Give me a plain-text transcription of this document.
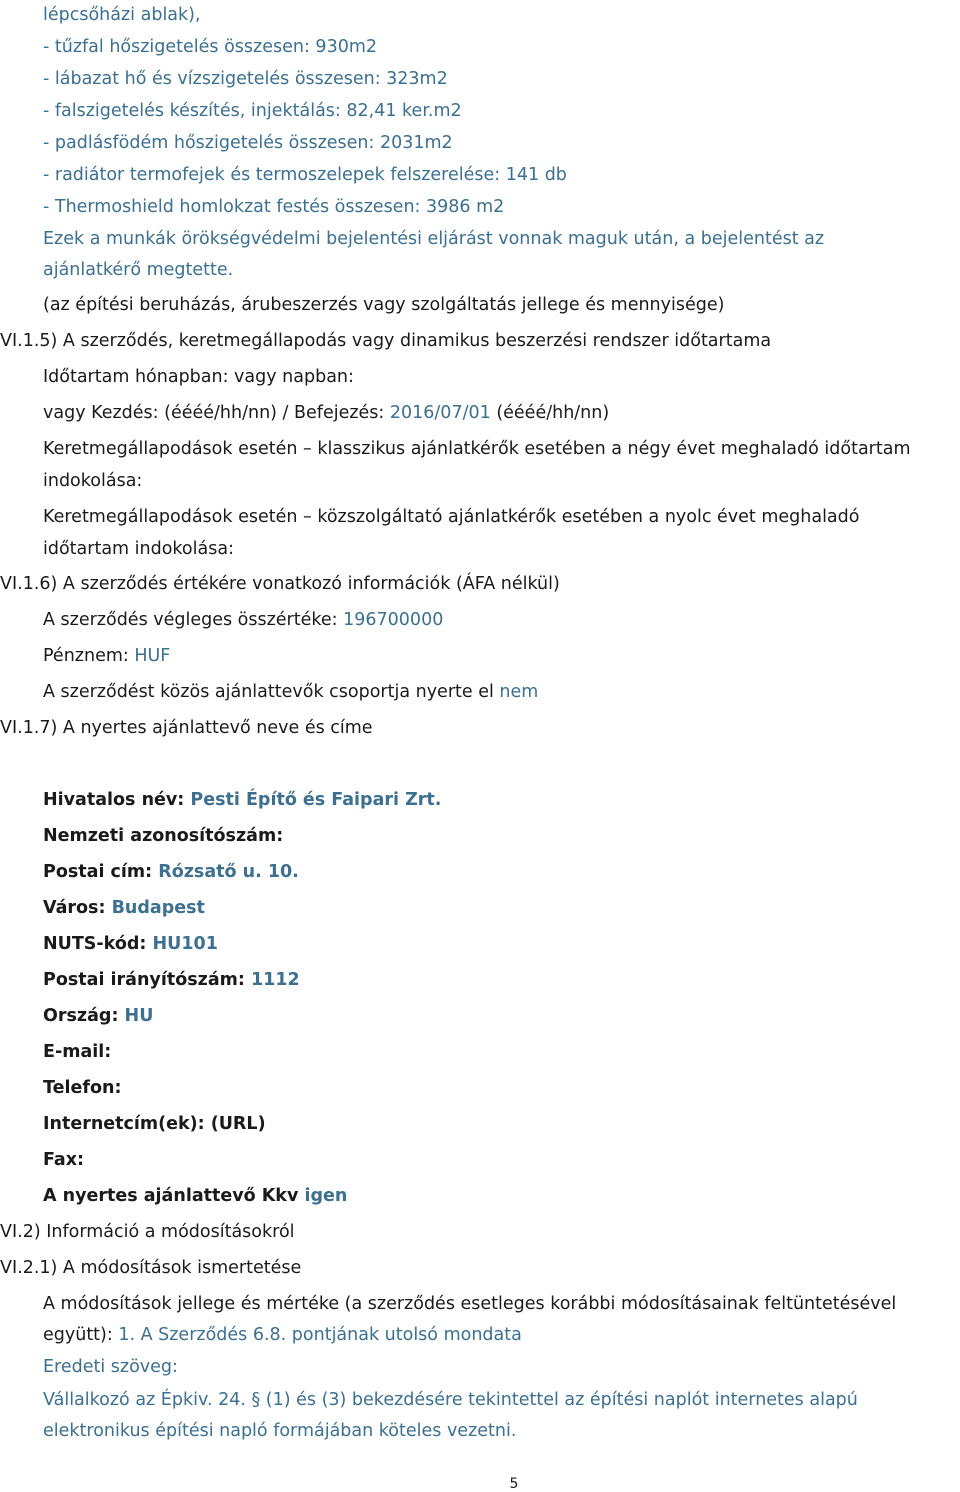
lépcsőházi ablak),
- tűzfal hőszigetelés összesen: 930m2
- lábazat hő és vízszigetelés összesen: 323m2
- falszigetelés készítés, injektálás: 82,41 ker.m2
- padlásfödém hőszigetelés összesen: 2031m2
- radiátor termofejek és termoszelepek felszerelése: 141 db
- Thermoshield homlokzat festés összesen: 3986 m2
Ezek a munkák örökségvédelmi bejelentési eljárást vonnak maguk után, a bejelentést az
ajánlatkérő megtette.
(az építési beruházás, árubeszerzés vagy szolgáltatás jellege és mennyisége)
VI.1.5) A szerződés, keretmegállapodás vagy dinamikus beszerzési rendszer időtartama
Időtartam hónapban: vagy napban:
vagy Kezdés: (éééé/hh/nn) / Befejezés: 2016/07/01 (éééé/hh/nn)
Keretmegállapodások esetén – klasszikus ajánlatkérők esetében a négy évet meghaladó időtartam
indokolása:
Keretmegállapodások esetén – közszolgáltató ajánlatkérők esetében a nyolc évet meghaladó
időtartam indokolása:
VI.1.6) A szerződés értékére vonatkozó információk (ÁFA nélkül)
A szerződés végleges összértéke: 196700000
Pénznem: HUF
A szerződést közös ajánlattevők csoportja nyerte el nem
VI.1.7) A nyertes ajánlattevő neve és címe
Hivatalos név: Pesti Építő és Faipari Zrt.
Nemzeti azonosítószám:
Postai cím: Rózsatő u. 10.
Város: Budapest
NUTS-kód: HU101
Postai irányítószám: 1112
Ország: HU
E-mail:
Telefon:
Internetcím(ek): (URL)
Fax:
A nyertes ajánlattevő Kkv igen
VI.2) Információ a módosításokról
VI.2.1) A módosítások ismertetése
A módosítások jellege és mértéke (a szerződés esetleges korábbi módosításainak feltüntetésével
együtt): 1. A Szerződés 6.8. pontjának utolsó mondata
Eredeti szöveg:
Vállalkozó az Épkiv. 24. § (1) és (3) bekezdésére tekintettel az építési naplót internetes alapú
elektronikus építési napló formájában köteles vezetni.
5
